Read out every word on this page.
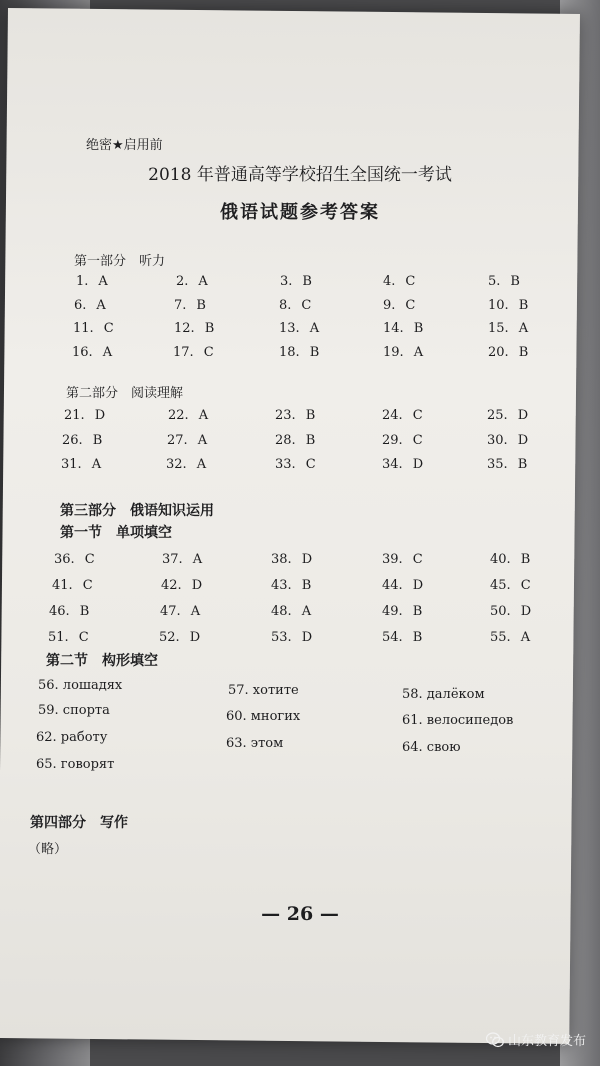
绝密★启用前
2018 年普通高等学校招生全国统一考试
俄语试题参考答案
第一部分　听力
1. A	2. A	3. B	4. C	5. B
6. A	7. B	8. C	9. C	10. B
11. C	12. B	13. A	14. B	15. A
16. A	17. C	18. B	19. A	20. B
第二部分　阅读理解
21. D	22. A	23. B	24. C	25. D
26. B	27. A	28. B	29. C	30. D
31. A	32. A	33. C	34. D	35. B
第三部分　俄语知识运用
第一节　单项填空
36. C	37. A	38. D	39. C	40. B
41. C	42. D	43. B	44. D	45. C
46. B	47. A	48. A	49. B	50. D
51. C	52. D	53. D	54. B	55. A
第二节　构形填空
56. лошадях	57. хотите	58. далёком
59. спорта	60. многих	61. велосипедов
62. работу	63. этом	64. свою
65. говорят
第四部分　写作
（略）
— 26 —
山东教育发布
